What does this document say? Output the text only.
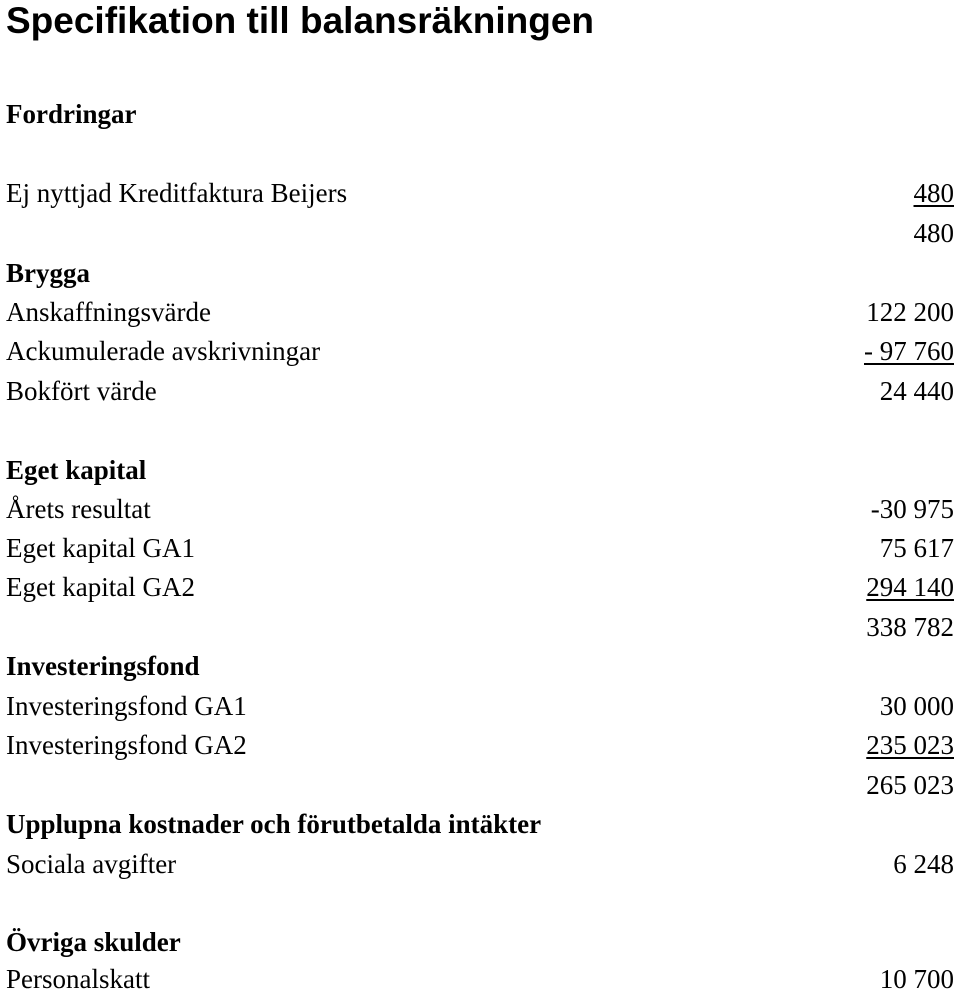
Specifikation till balansräkningen
Fordringar
Ej nyttjad Kreditfaktura Beijers	480
480
Brygga
Anskaffningsvärde	122 200
Ackumulerade avskrivningar	- 97 760
Bokfört värde	24 440
Eget kapital
Årets resultat	-30 975
Eget kapital GA1	75 617
Eget kapital GA2	294 140
338 782
Investeringsfond
Investeringsfond GA1	30 000
Investeringsfond GA2	235 023
265 023
Upplupna kostnader och förutbetalda intäkter
Sociala avgifter	6 248
Övriga skulder
Personalskatt	10 700
